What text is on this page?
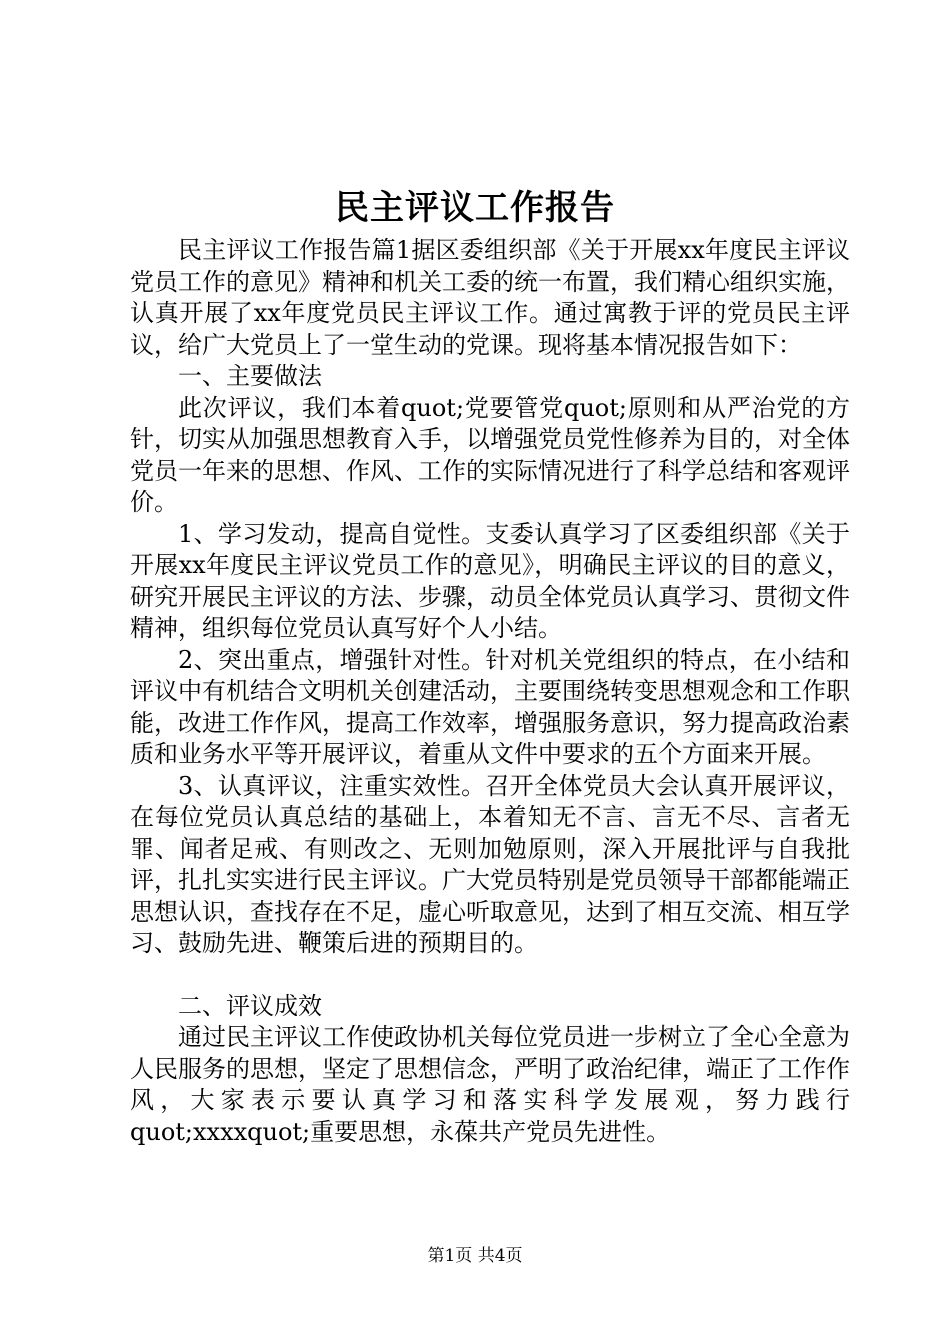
民主评议工作报告

民主评议工作报告篇1据区委组织部《关于开展xx年度民主评议党员工作的意见》精神和机关工委的统一布置，我们精心组织实施，认真开展了xx年度党员民主评议工作。通过寓教于评的党员民主评议，给广大党员上了一堂生动的党课。现将基本情况报告如下：

一、主要做法

此次评议，我们本着quot;党要管党quot;原则和从严治党的方针，切实从加强思想教育入手，以增强党员党性修养为目的，对全体党员一年来的思想、作风、工作的实际情况进行了科学总结和客观评价。

1、学习发动，提高自觉性。支委认真学习了区委组织部《关于开展xx年度民主评议党员工作的意见》，明确民主评议的目的意义，研究开展民主评议的方法、步骤，动员全体党员认真学习、贯彻文件精神，组织每位党员认真写好个人小结。

2、突出重点，增强针对性。针对机关党组织的特点，在小结和评议中有机结合文明机关创建活动，主要围绕转变思想观念和工作职能，改进工作作风，提高工作效率，增强服务意识，努力提高政治素质和业务水平等开展评议，着重从文件中要求的五个方面来开展。

3、认真评议，注重实效性。召开全体党员大会认真开展评议，在每位党员认真总结的基础上，本着知无不言、言无不尽、言者无罪、闻者足戒、有则改之、无则加勉原则，深入开展批评与自我批评，扎扎实实进行民主评议。广大党员特别是党员领导干部都能端正思想认识，查找存在不足，虚心听取意见，达到了相互交流、相互学习、鼓励先进、鞭策后进的预期目的。

二、评议成效

通过民主评议工作使政协机关每位党员进一步树立了全心全意为人民服务的思想，坚定了思想信念，严明了政治纪律，端正了工作作风，大家表示要认真学习和落实科学发展观，努力践行quot;xxxxquot;重要思想，永葆共产党员先进性。

第1页 共4页
